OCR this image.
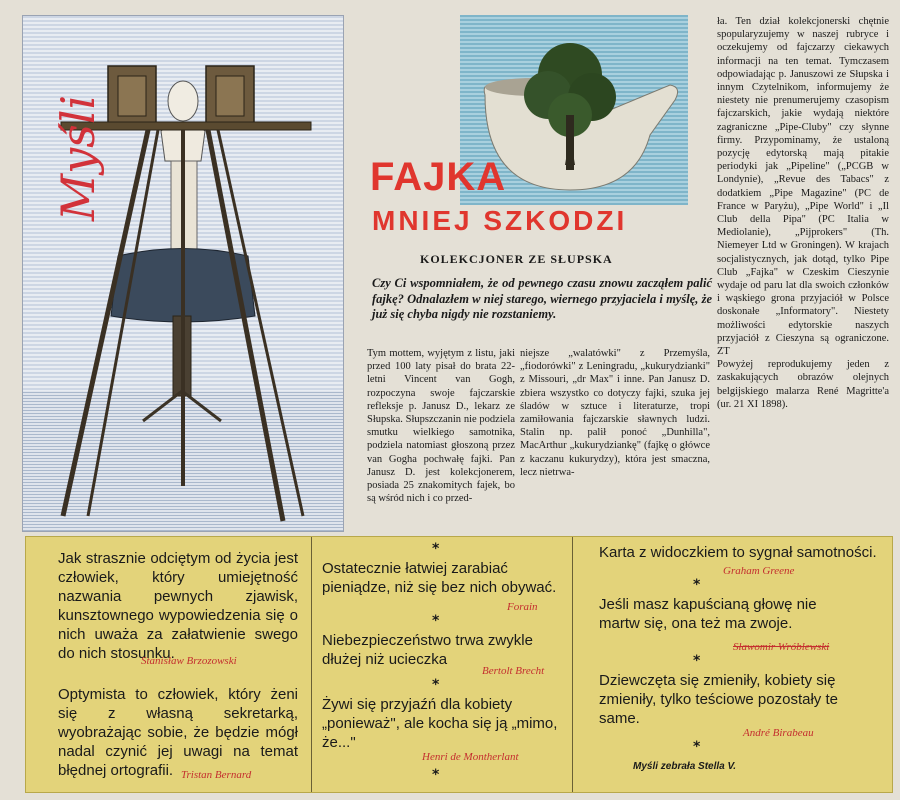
Myśli	FAJKA
MNIEJ SZKODZI
KOLEKCJONER ZE SŁUPSKA
Czy Ci wspomniałem, że od pewnego czasu znowu zacząłem palić fajkę? Odnalazłem w niej starego, wiernego przyjaciela i myślę, że już się chyba nigdy nie rozstaniemy.
Tym mottem, wyjętym z listu, jaki przed 100 laty pisał do brata 22-letni Vincent van Gogh, rozpoczyna swoje fajczarskie refleksje p. Janusz D., lekarz ze Słupska. Słupszczanin nie podziela smutku wielkiego samotnika, podziela natomiast głoszoną przez van Gogha pochwałę fajki. Pan Janusz D. jest kolekcjonerem, posiada 25 znakomitych fajek, bo są wśród nich i co przed-
niejsze „walatówki" z Przemyśla, „fiodorówki" z Leningradu, „kukurydzianki" z Missouri, „dr Max" i inne. Pan Janusz D. zbiera wszystko co dotyczy fajki, szuka jej śladów w sztuce i literaturze, tropi zamiłowania fajczarskie sławnych ludzi. Stalin np. palił ponoć „Dunhilla", MacArthur „kukurydziankę" (fajkę o główce z kaczanu kukurydzy), która jest smaczna, lecz nietrwa-
ła. Ten dział kolekcjonerski chętnie spopularyzujemy w naszej rubryce i oczekujemy od fajczarzy ciekawych informacji na ten temat. Tymczasem odpowiadając p. Januszowi ze Słupska i innym Czytelnikom, informujemy że niestety nie prenumerujemy czasopism fajczarskich, jakie wydają niektóre zagraniczne „Pipe-Cluby" czy słynne firmy. Przypominamy, że ustaloną pozycję edytorską mają pitakie periodyki jak „Pipeline" („PCGB w Londynie), „Revue des Tabacs" z dodatkiem „Pipe Magazine" (PC de France w Paryżu), „Pipe World" i „Il Club della Pipa" (PC Italia w Mediolanie), „Pijprokers" (Th. Niemeyer Ltd w Groningen). W krajach socjalistycznych, jak dotąd, tylko Pipe Club „Fajka" w Czeskim Cieszynie wydaje od paru lat dla swoich członków i wąskiego grona przyjaciół w Polsce doskonałe „Informatory". Niestety możliwości edytorskie naszych przyjaciół z Cieszyna są ograniczone. ZT
Powyżej reprodukujemy jeden z zaskakujących obrazów olejnych belgijskiego malarza René Magritte'a (ur. 21 XI 1898).
Jak strasznie odciętym od życia jest człowiek, który umiejętność nazwania pewnych zjawisk, kunsztownego wypowiedzenia się o nich uważa za załatwienie swego do nich stosunku.
Stanisław Brzozowski
Optymista to człowiek, który żeni się z własną sekretarką, wyobrażając sobie, że będzie mógł nadal czynić jej uwagi na temat błędnej ortografii. Tristan Bernard
*
Ostatecznie łatwiej zarabiać pieniądze, niż się bez nich obywać.
Forain
*
Niebezpieczeństwo trwa zwykle dłużej niż ucieczka
Bertolt Brecht
*
Żywi się przyjaźń dla kobiety „ponieważ", ale kocha się ją „mimo, że..."
Henri de Montherlant
*
Karta z widoczkiem to sygnał samotności.
Graham Greene
*
Jeśli masz kapuścianą głowę nie martw się, ona też ma zwoje.
Sławomir Wróblewski
*
Dziewczęta się zmieniły, kobiety się zmieniły, tylko teściowe pozostały te same.
André Birabeau
*
Myśli zebrała Stella V.
